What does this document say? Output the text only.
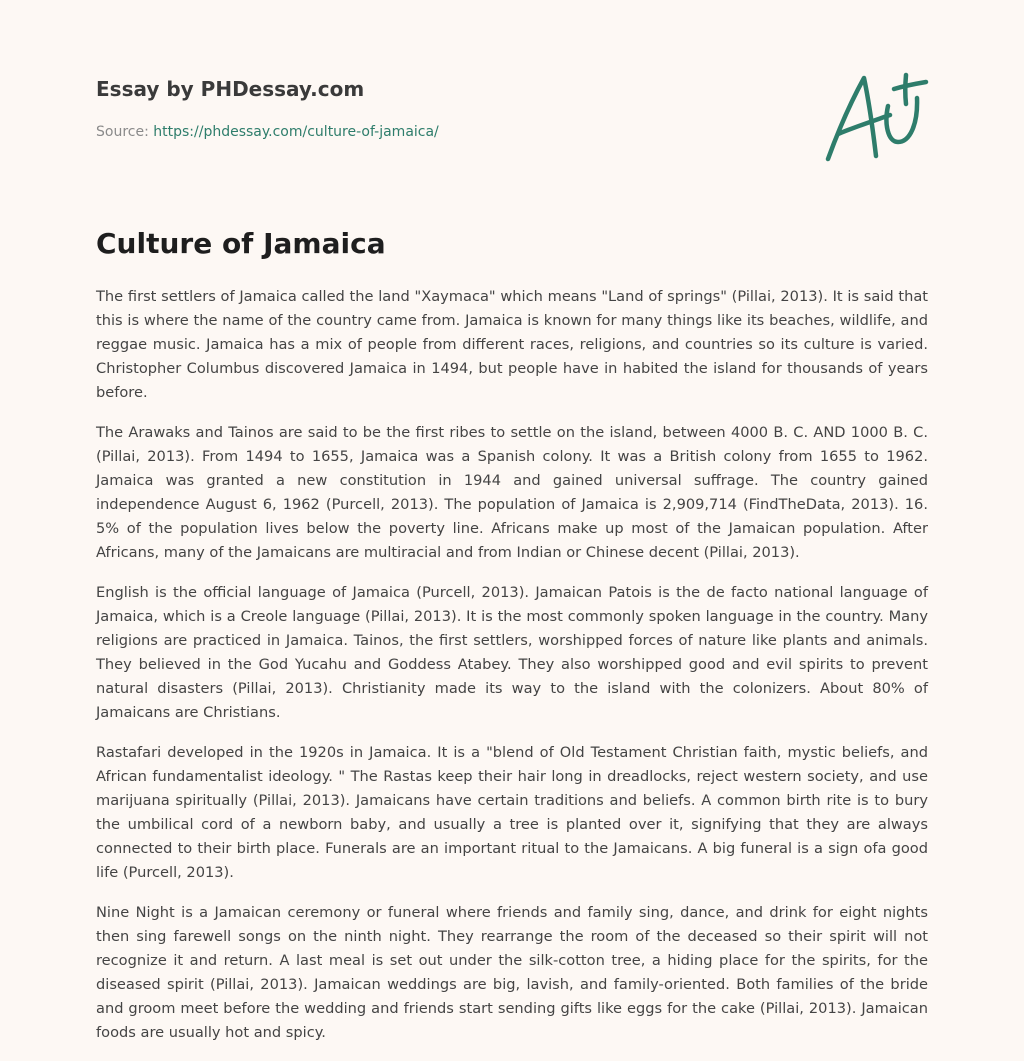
Essay by PHDessay.com
Source: https://phdessay.com/culture-of-jamaica/
Culture of Jamaica

The first settlers of Jamaica called the land "Xaymaca" which means "Land of springs" (Pillai, 2013). It is said that this is where the name of the country came from. Jamaica is known for many things like its beaches, wildlife, and reggae music. Jamaica has a mix of people from different races, religions, and countries so its culture is varied. Christopher Columbus discovered Jamaica in 1494, but people have in habited the island for thousands of years before.

The Arawaks and Tainos are said to be the first ribes to settle on the island, between 4000 B. C. AND 1000 B. C. (Pillai, 2013). From 1494 to 1655, Jamaica was a Spanish colony. It was a British colony from 1655 to 1962. Jamaica was granted a new constitution in 1944 and gained universal suffrage. The country gained independence August 6, 1962 (Purcell, 2013). The population of Jamaica is 2,909,714 (FindTheData, 2013). 16. 5% of the population lives below the poverty line. Africans make up most of the Jamaican population. After Africans, many of the Jamaicans are multiracial and from Indian or Chinese decent (Pillai, 2013).

English is the official language of Jamaica (Purcell, 2013). Jamaican Patois is the de facto national language of Jamaica, which is a Creole language (Pillai, 2013). It is the most commonly spoken language in the country. Many religions are practiced in Jamaica. Tainos, the first settlers, worshipped forces of nature like plants and animals. They believed in the God Yucahu and Goddess Atabey. They also worshipped good and evil spirits to prevent natural disasters (Pillai, 2013). Christianity made its way to the island with the colonizers. About 80% of Jamaicans are Christians.

Rastafari developed in the 1920s in Jamaica. It is a "blend of Old Testament Christian faith, mystic beliefs, and African fundamentalist ideology. " The Rastas keep their hair long in dreadlocks, reject western society, and use marijuana spiritually (Pillai, 2013). Jamaicans have certain traditions and beliefs. A common birth rite is to bury the umbilical cord of a newborn baby, and usually a tree is planted over it, signifying that they are always connected to their birth place. Funerals are an important ritual to the Jamaicans. A big funeral is a sign ofa good life (Purcell, 2013).

Nine Night is a Jamaican ceremony or funeral where friends and family sing, dance, and drink for eight nights then sing farewell songs on the ninth night. They rearrange the room of the deceased so their spirit will not recognize it and return. A last meal is set out under the silk-cotton tree, a hiding place for the spirits, for the diseased spirit (Pillai, 2013). Jamaican weddings are big, lavish, and family-oriented. Both families of the bride and groom meet before the wedding and friends start sending gifts like eggs for the cake (Pillai, 2013). Jamaican foods are usually hot and spicy.
